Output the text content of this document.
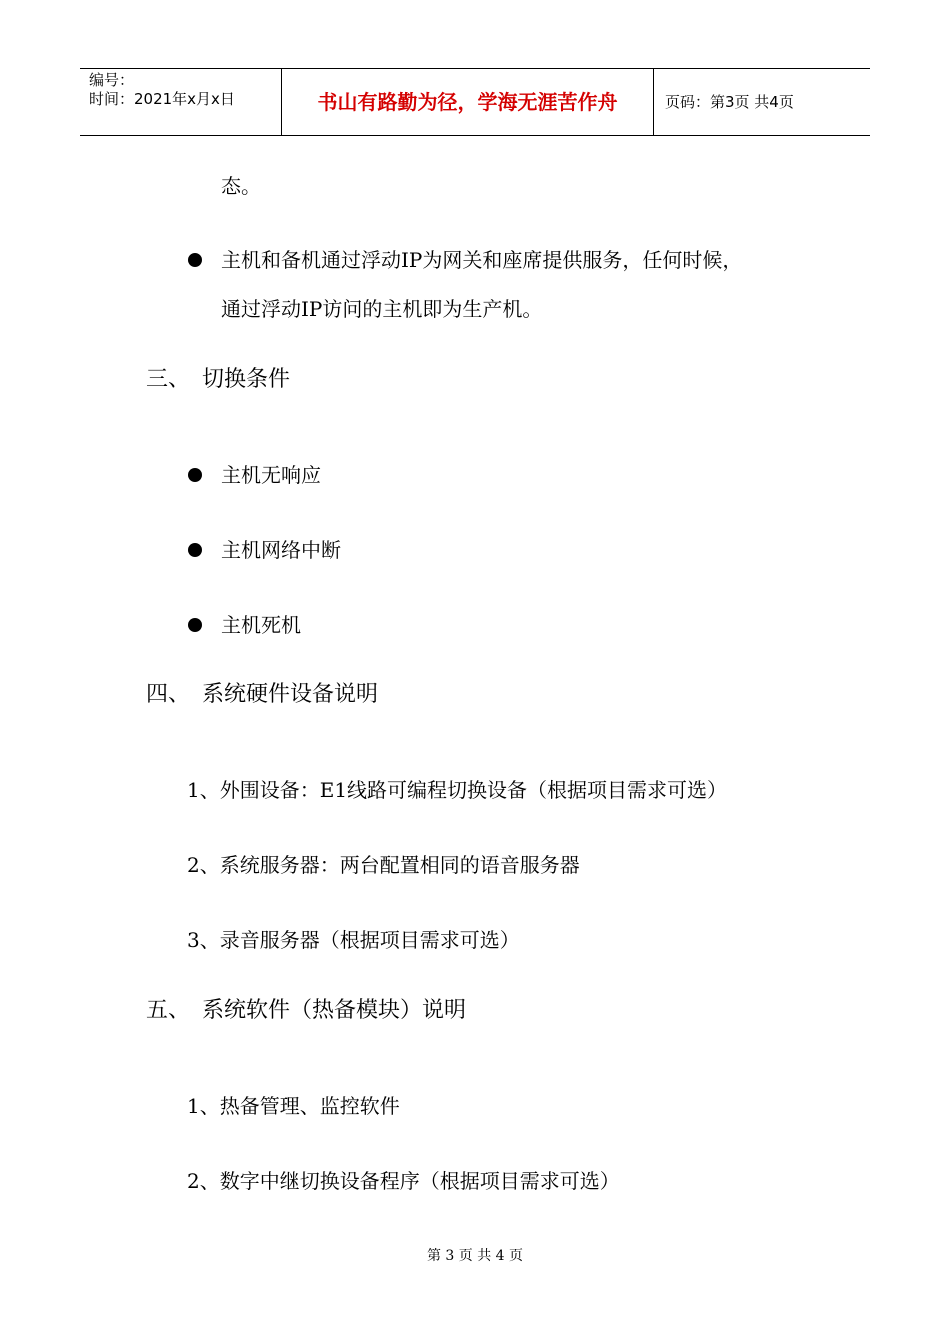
编号：
时间：2021年x月x日	书山有路勤为径，学海无涯苦作舟	页码：第3页 共4页
态。
主机和备机通过浮动IP为网关和座席提供服务，任何时候，
通过浮动IP访问的主机即为生产机。
三、 切换条件
主机无响应
主机网络中断
主机死机
四、 系统硬件设备说明
1、外围设备：E1线路可编程切换设备（根据项目需求可选）
2、系统服务器：两台配置相同的语音服务器
3、录音服务器（根据项目需求可选）
五、 系统软件（热备模块）说明
1、热备管理、监控软件
2、数字中继切换设备程序（根据项目需求可选）
第 3 页 共 4 页
